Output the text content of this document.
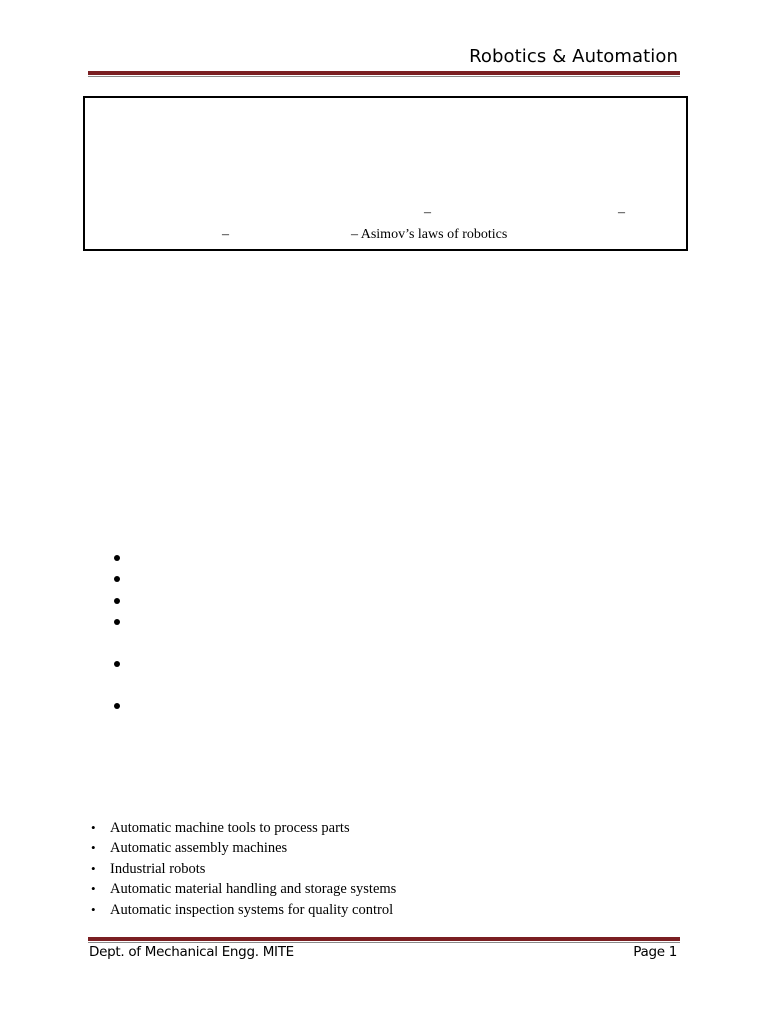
Robotics & Automation
–	–
–	– Asimov’s laws of robotics
• Automatic machine tools to process parts
• Automatic assembly machines
• Industrial robots
• Automatic material handling and storage systems
• Automatic inspection systems for quality control
Dept. of Mechanical Engg. MITE	Page 1
